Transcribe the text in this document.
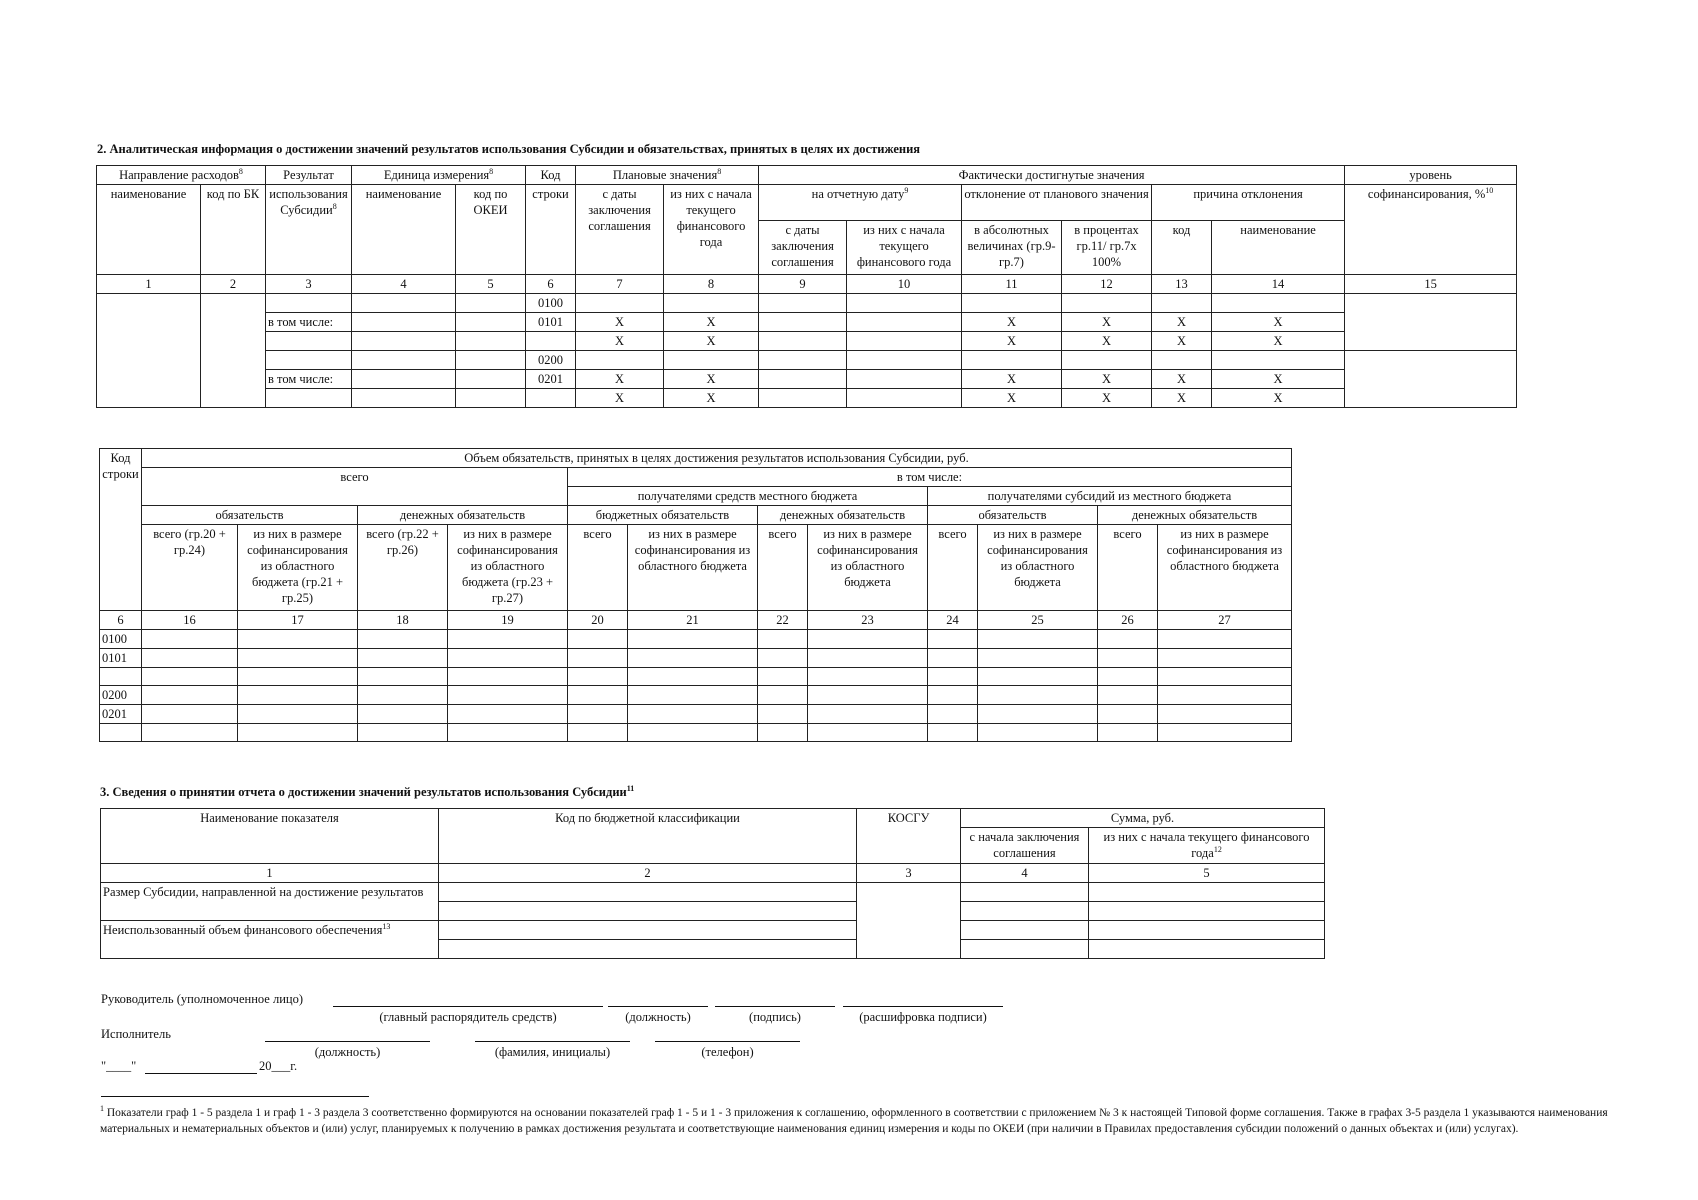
2. Аналитическая информация о достижении значений результатов использования Субсидии и обязательствах, принятых в целях их достижения
Направление расходов$^8$		Результат	Единица измерения$^8$		Код	Плановые значения$^8$		Фактически достигнутые значения						уровень
наименование	код по БК	использования Субсидии$^8$	наименование	код по ОКЕИ	строки	с даты заключения соглашения	из них с начала текущего финансового года	на отчетную дату$^9$		отклонение от планового значения		причина отклонения		софинансирования, %$^{10}$
								с даты заключения соглашения	из них с начала текущего финансового года	в абсолютных величинах (гр.9-гр.7)	в процентах гр.11/ гр.7х 100%	код	наименование	
1	2	3	4	5	6	7	8	9	10	11	12	13	14	15
					0100									
		в том числе:			0101	X	X			X	X	X	X	
						X	X			X	X	X	X	
					0200									
		в том числе:			0201	X	X			X	X	X	X	
						X	X			X	X	X	X	
Код строки	Объем обязательств, принятых в целях достижения результатов использования Субсидии, руб.											
	всего				в том числе:							
					получателями средств местного бюджета				получателями субсидий из местного бюджета			
	обязательств		денежных обязательств		бюджетных обязательств		денежных обязательств		обязательств		денежных обязательств	
	всего (гр.20 + гр.24)	из них в размере софинансирования из областного бюджета (гр.21 + гр.25)	всего (гр.22 + гр.26)	из них в размере софинансирования из областного бюджета (гр.23 + гр.27)	всего	из них в размере софинансирования из областного бюджета	всего	из них в размере софинансирования из областного бюджета	всего	из них в размере софинансирования из областного бюджета	всего	из них в размере софинансирования из областного бюджета
6	16	17	18	19	20	21	22	23	24	25	26	27
0100												
0101												

0200												
0201												

3. Сведения о принятии отчета о достижении значений результатов использования Субсидии$^{11}$
Наименование показателя	Код по бюджетной классификации	КОСГУ	Сумма, руб.	
			с начала заключения соглашения	из них с начала текущего финансового года$^{12}$
1	2	3	4	5
Размер Субсидии, направленной на достижение результатов				

Неиспользованный объем финансового обеспечения$^{13}$			

Руководитель (уполномоченное лицо)
(главный распорядитель средств)	(должность)	(подпись)	(расшифровка подписи)
Исполнитель
(должность)	(фамилия, инициалы)	(телефон)
"____"	20___г.
$^1$ Показатели граф 1 - 5 раздела 1 и граф 1 - 3 раздела 3 соответственно формируются на основании показателей граф 1 - 5 и 1 - 3 приложения к соглашению, оформленного в соответствии с приложением № 3 к настоящей Типовой форме соглашения. Также в графах 3-5 раздела 1 указываются наименования материальных и нематериальных объектов и (или) услуг, планируемых к получению в рамках достижения результата и соответствующие наименования единиц измерения и коды по ОКЕИ (при наличии в Правилах предоставления субсидии положений о данных объектах и (или) услугах).
